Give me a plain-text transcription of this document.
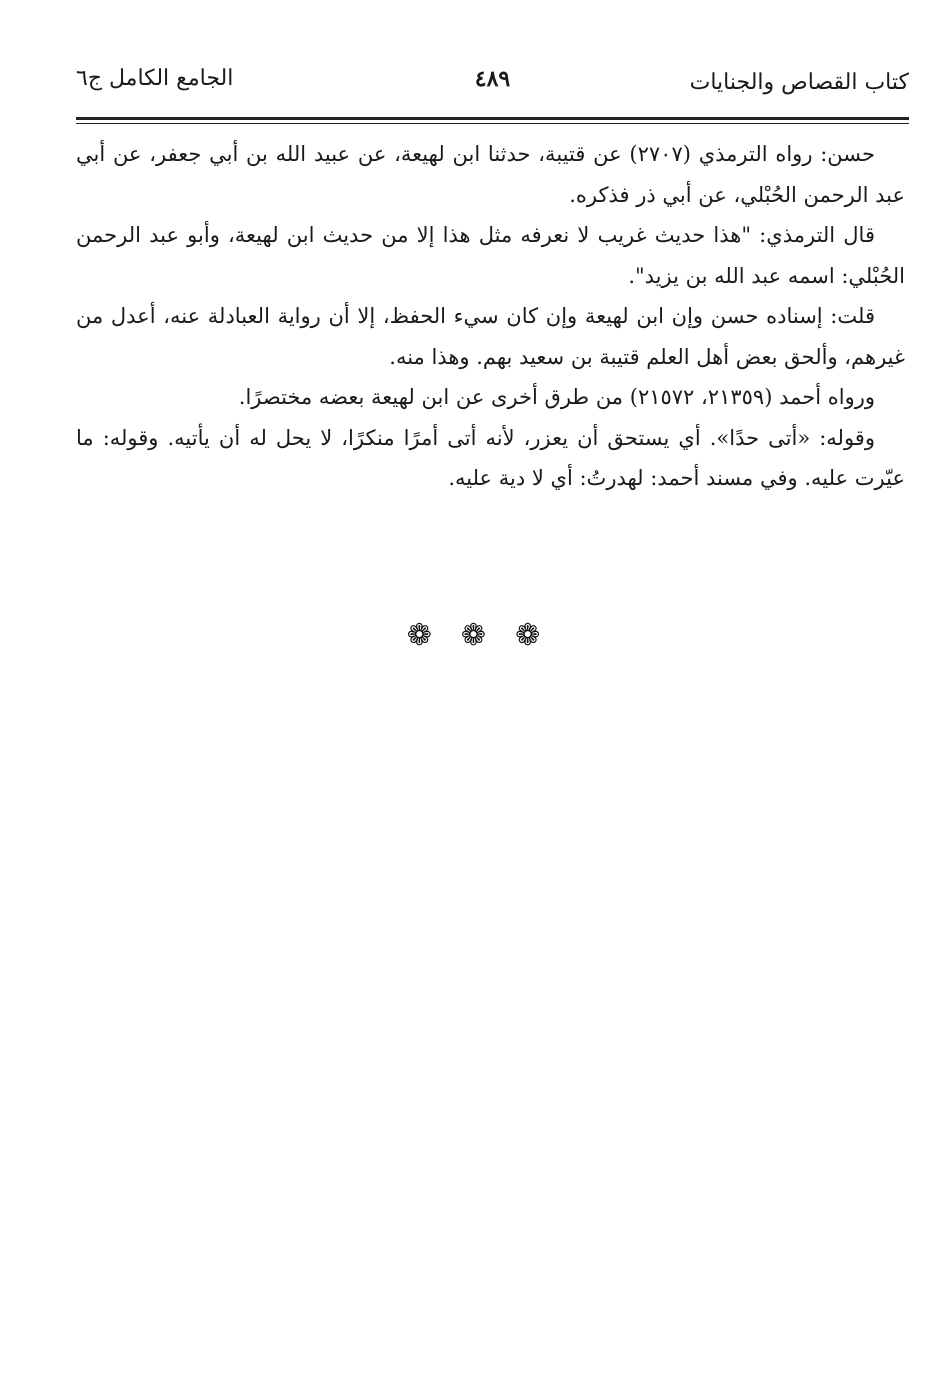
كتاب القصاص والجنايات
٤٨٩
الجامع الكامل ج٦

حسن: رواه الترمذي (٢٧٠٧) عن قتيبة، حدثنا ابن لهيعة، عن عبيد الله بن أبي جعفر، عن أبي عبد الرحمن الحُبْلي، عن أبي ذر فذكره.

قال الترمذي: "هذا حديث غريب لا نعرفه مثل هذا إلا من حديث ابن لهيعة، وأبو عبد الرحمن الحُبْلي: اسمه عبد الله بن يزيد".

قلت: إسناده حسن وإن ابن لهيعة وإن كان سيء الحفظ، إلا أن رواية العبادلة عنه، أعدل من غيرهم، وألحق بعض أهل العلم قتيبة بن سعيد بهم. وهذا منه.

ورواه أحمد (٢١٣٥٩، ٢١٥٧٢) من طرق أخرى عن ابن لهيعة بعضه مختصرًا.

وقوله: «أتى حدًا». أي يستحق أن يعزر، لأنه أتى أمرًا منكرًا، لا يحل له أن يأتيه. وقوله: ما عيّرت عليه. وفي مسند أحمد: لهدرتُ: أي لا دية عليه.

❁ ❁ ❁
